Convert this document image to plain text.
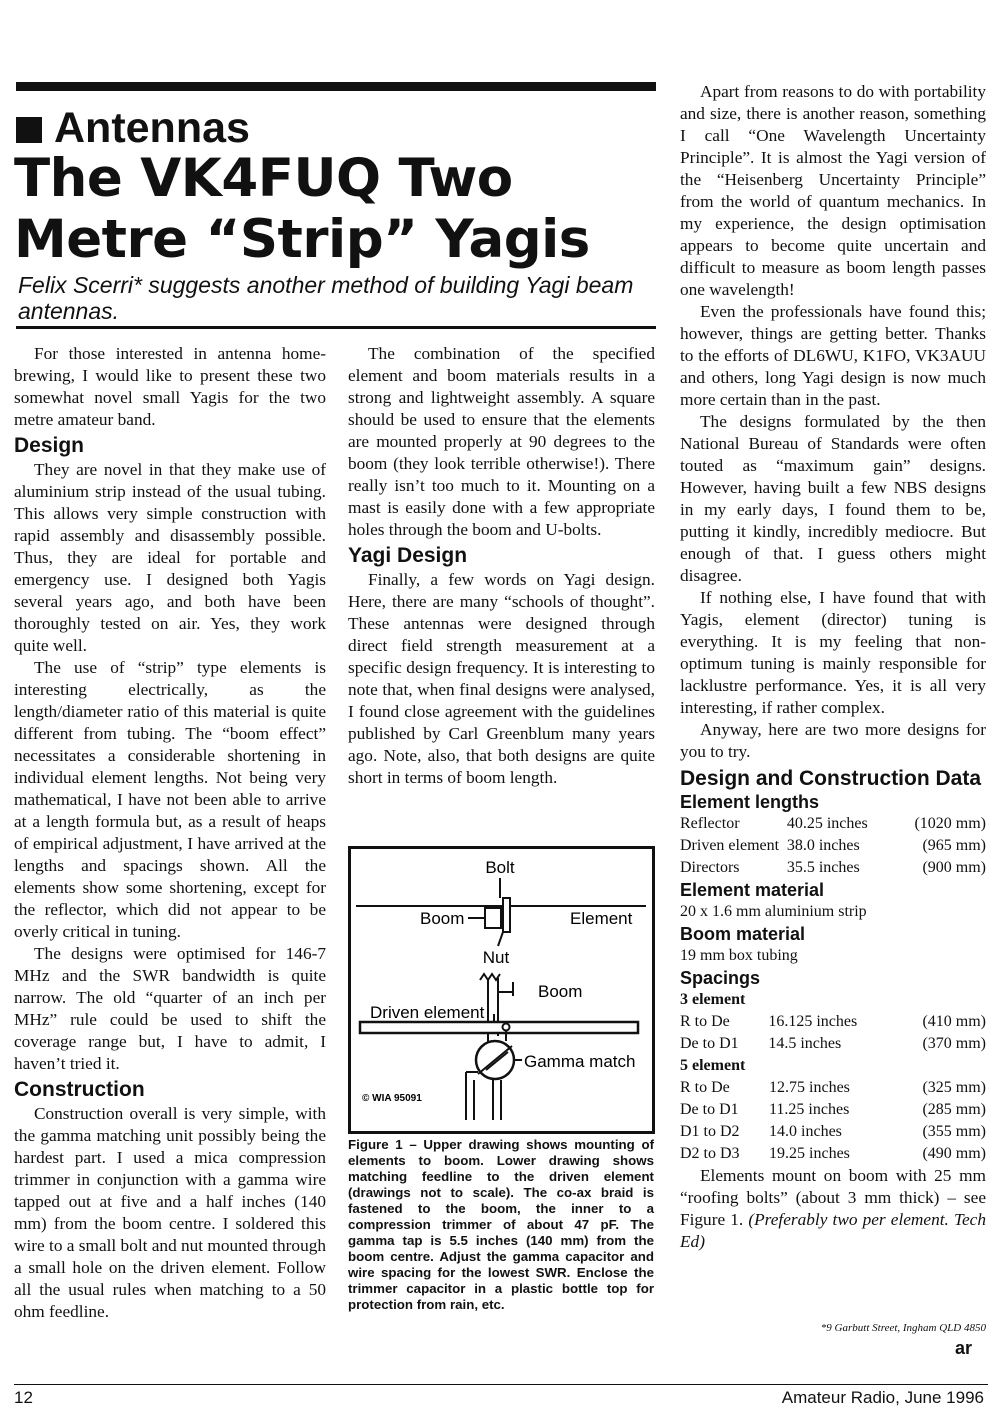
Antennas
The VK4FUQ Two
Metre “Strip” Yagis
Felix Scerri* suggests another method of building Yagi beam antennas.

For those interested in antenna home-brewing, I would like to present these two somewhat novel small Yagis for the two metre amateur band.

Design

They are novel in that they make use of aluminium strip instead of the usual tubing. This allows very simple construction with rapid assembly and disassembly possible. Thus, they are ideal for portable and emergency use. I designed both Yagis several years ago, and both have been thoroughly tested on air. Yes, they work quite well.

The use of “strip” type elements is interesting electrically, as the length/diameter ratio of this material is quite different from tubing. The “boom effect” necessitates a considerable shortening in individual element lengths. Not being very mathematical, I have not been able to arrive at a length formula but, as a result of heaps of empirical adjustment, I have arrived at the lengths and spacings shown. All the elements show some shortening, except for the reflector, which did not appear to be overly critical in tuning.

The designs were optimised for 146-7 MHz and the SWR bandwidth is quite narrow. The old “quarter of an inch per MHz” rule could be used to shift the coverage range but, I have to admit, I haven’t tried it.

Construction

Construction overall is very simple, with the gamma matching unit possibly being the hardest part. I used a mica compression trimmer in conjunction with a gamma wire tapped out at five and a half inches (140 mm) from the boom centre. I soldered this wire to a small bolt and nut mounted through a small hole on the driven element. Follow all the usual rules when matching to a 50 ohm feedline.

The combination of the specified element and boom materials results in a strong and lightweight assembly. A square should be used to ensure that the elements are mounted properly at 90 degrees to the boom (they look terrible otherwise!). There really isn’t too much to it. Mounting on a mast is easily done with a few appropriate holes through the boom and U-bolts.

Yagi Design

Finally, a few words on Yagi design. Here, there are many “schools of thought”. These antennas were designed through direct field strength measurement at a specific design frequency. It is interesting to note that, when final designs were analysed, I found close agreement with the guidelines published by Carl Greenblum many years ago. Note, also, that both designs are quite short in terms of boom length.

Bolt
Boom	Element
Nut
Boom
Driven element
Gamma match
© WIA 95091
Figure 1 – Upper drawing shows mounting of elements to boom. Lower drawing shows matching feedline to the driven element (drawings not to scale). The co-ax braid is fastened to the boom, the inner to a compression trimmer of about 47 pF. The gamma tap is 5.5 inches (140 mm) from the boom centre. Adjust the gamma capacitor and wire spacing for the lowest SWR. Enclose the trimmer capacitor in a plastic bottle top for protection from rain, etc.

Apart from reasons to do with portability and size, there is another reason, something I call “One Wavelength Uncertainty Principle”. It is almost the Yagi version of the “Heisenberg Uncertainty Principle” from the world of quantum mechanics. In my experience, the design optimisation appears to become quite uncertain and difficult to measure as boom length passes one wavelength!

Even the professionals have found this; however, things are getting better. Thanks to the efforts of DL6WU, K1FO, VK3AUU and others, long Yagi design is now much more certain than in the past.

The designs formulated by the then National Bureau of Standards were often touted as “maximum gain” designs. However, having built a few NBS designs in my early days, I found them to be, putting it kindly, incredibly mediocre. But enough of that. I guess others might disagree.

If nothing else, I have found that with Yagis, element (director) tuning is everything. It is my feeling that non-optimum tuning is mainly responsible for lacklustre performance. Yes, it is all very interesting, if rather complex.

Anyway, here are two more designs for you to try.

Design and Construction Data
Element lengths
Reflector	40.25 inches	(1020 mm)
Driven element	38.0 inches	(965 mm)
Directors	35.5 inches	(900 mm)
Element material
20 x 1.6 mm aluminium strip
Boom material
19 mm box tubing
Spacings
3 element
R to De	16.125 inches	(410 mm)
De to D1	14.5 inches	(370 mm)
5 element
R to De	12.75 inches	(325 mm)
De to D1	11.25 inches	(285 mm)
D1 to D2	14.0 inches	(355 mm)
D2 to D3	19.25 inches	(490 mm)

Elements mount on boom with 25 mm “roofing bolts” (about 3 mm thick) – see Figure 1. (Preferably two per element. Tech Ed)

*9 Garbutt Street, Ingham QLD 4850
ar
12	Amateur Radio, June 1996
